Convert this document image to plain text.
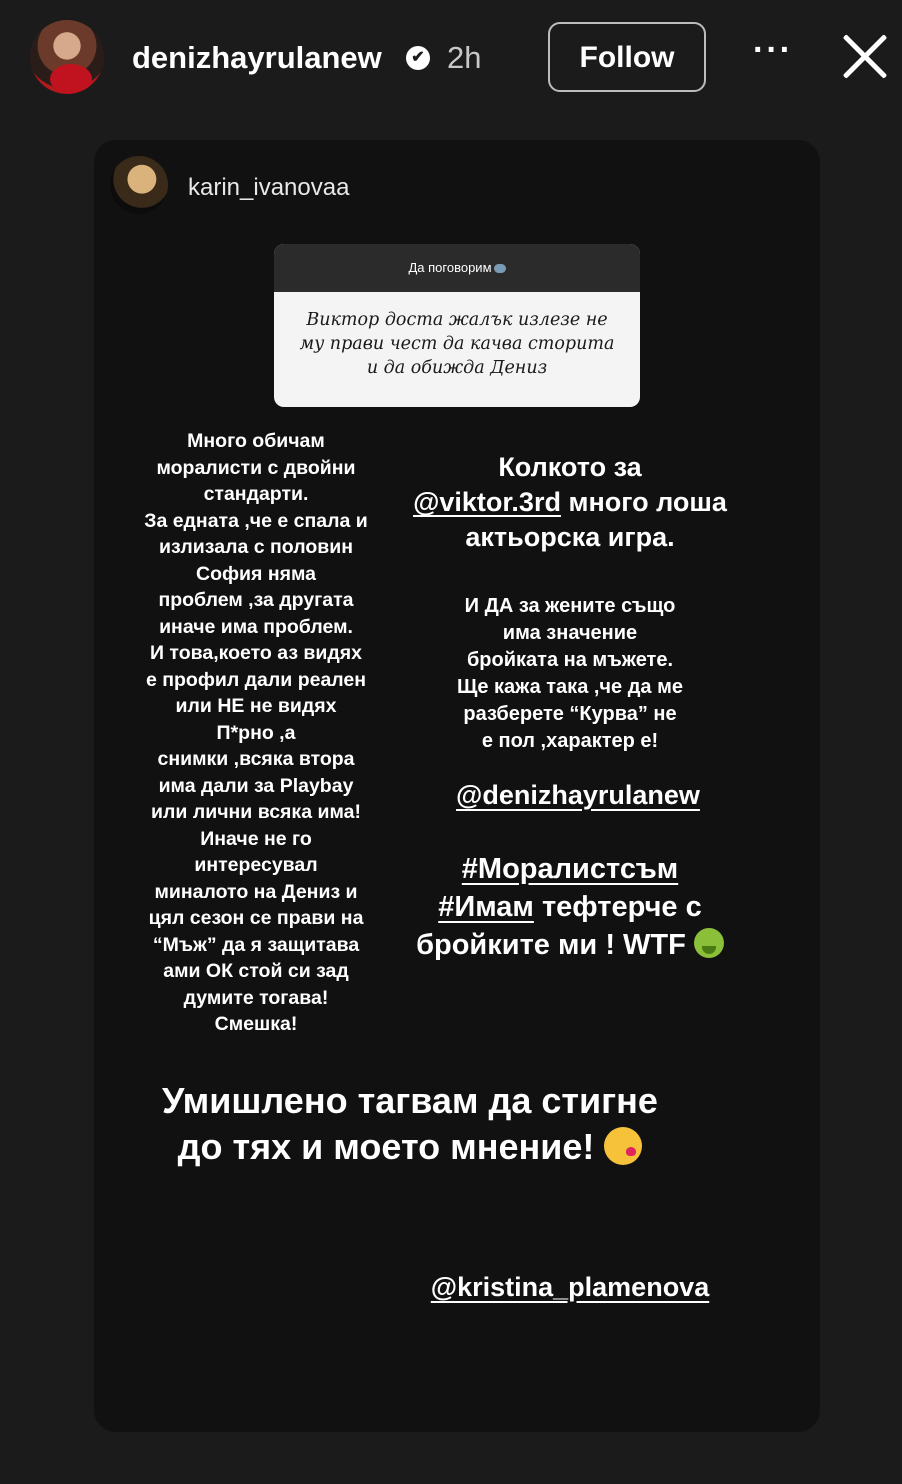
denizhayrulanew	✔ 2h	Follow	···
karin_ivanovaa
Да поговорим
Виктор доста жалък излезе не му прави чест да качва сторита и да обижда Дениз
Много обичам
моралисти с двойни
стандарти.
За едната ,че е спала и
излизала с половин
София няма
проблем ,за другата
иначе има проблем.
И това,което аз видях
е профил дали реален
или НЕ не видях
П*рно ,а
снимки ,всяка втора
има дали за Playbay
или лични всяка има!
Иначе не го
интересувал
миналото на Дениз и
цял сезон се прави на
“Мъж” да я защитава
ами ОК стой си зад
думите тогава!
Смешка!
Колкото за
@viktor.3rd много лоша актьорска игра.
И ДА за жените също
има значение
бройката на мъжете.
Ще кажа така ,че да ме
разберете “Курва” не
е пол ,характер е!
@denizhayrulanew
#Моралистсъм
#Имам тефтерче с
бройките ми ! WTF
Умишлено тагвам да стигне до тях и моето мнение!
@kristina_plamenova
